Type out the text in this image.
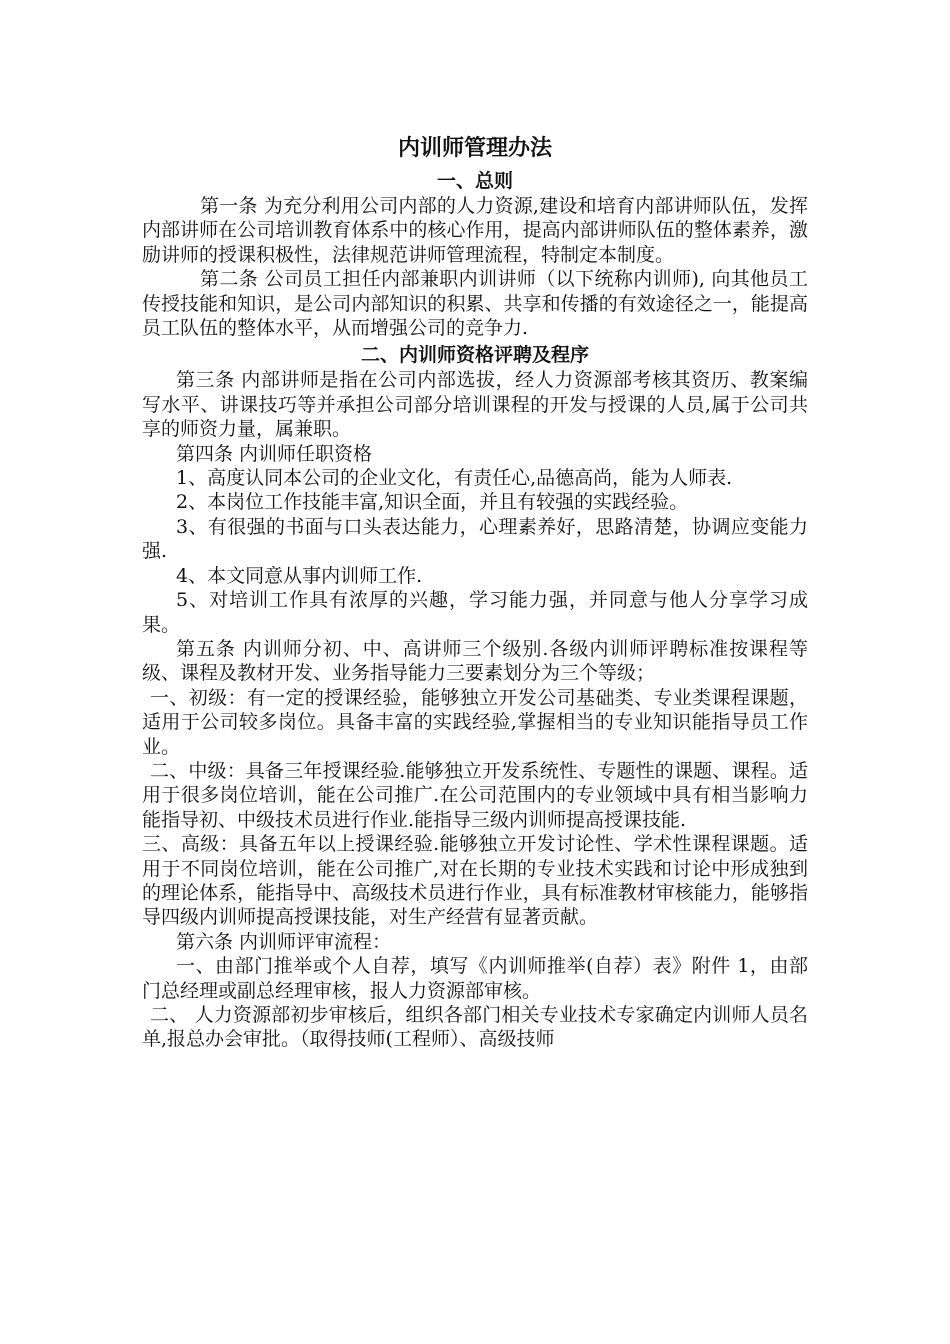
内训师管理办法
一、总则

第一条 为充分利用公司内部的人力资源,建设和培育内部讲师队伍，发挥内部讲师在公司培训教育体系中的核心作用，提高内部讲师队伍的整体素养，激励讲师的授课积极性，法律规范讲师管理流程，特制定本制度。

第二条 公司员工担任内部兼职内训讲师（以下统称内训师), 向其他员工传授技能和知识，是公司内部知识的积累、共享和传播的有效途径之一，能提高员工队伍的整体水平，从而增强公司的竞争力.

二、内训师资格评聘及程序

第三条 内部讲师是指在公司内部选拔，经人力资源部考核其资历、教案编写水平、讲课技巧等并承担公司部分培训课程的开发与授课的人员,属于公司共享的师资力量，属兼职。

第四条 内训师任职资格

1、高度认同本公司的企业文化，有责任心,品德高尚，能为人师表.

2、本岗位工作技能丰富,知识全面，并且有较强的实践经验。

3、有很强的书面与口头表达能力，心理素养好，思路清楚，协调应变能力强.

4、本文同意从事内训师工作.

5、对培训工作具有浓厚的兴趣，学习能力强，并同意与他人分享学习成果。

第五条 内训师分初、中、高讲师三个级别.各级内训师评聘标准按课程等级、课程及教材开发、业务指导能力三要素划分为三个等级；

一、初级：有一定的授课经验，能够独立开发公司基础类、专业类课程课题，适用于公司较多岗位。具备丰富的实践经验,掌握相当的专业知识能指导员工作业。

二、中级：具备三年授课经验.能够独立开发系统性、专题性的课题、课程。适用于很多岗位培训，能在公司推广.在公司范围内的专业领域中具有相当影响力能指导初、中级技术员进行作业.能指导三级内训师提高授课技能.

三、高级：具备五年以上授课经验.能够独立开发讨论性、学术性课程课题。适用于不同岗位培训，能在公司推广,对在长期的专业技术实践和讨论中形成独到的理论体系，能指导中、高级技术员进行作业，具有标准教材审核能力，能够指导四级内训师提高授课技能，对生产经营有显著贡献。

第六条 内训师评审流程：

一、由部门推举或个人自荐，填写《内训师推举(自荐）表》附件 1，由部门总经理或副总经理审核，报人力资源部审核。

二、 人力资源部初步审核后，组织各部门相关专业技术专家确定内训师人员名单,报总办会审批。（取得技师(工程师）、高级技师
